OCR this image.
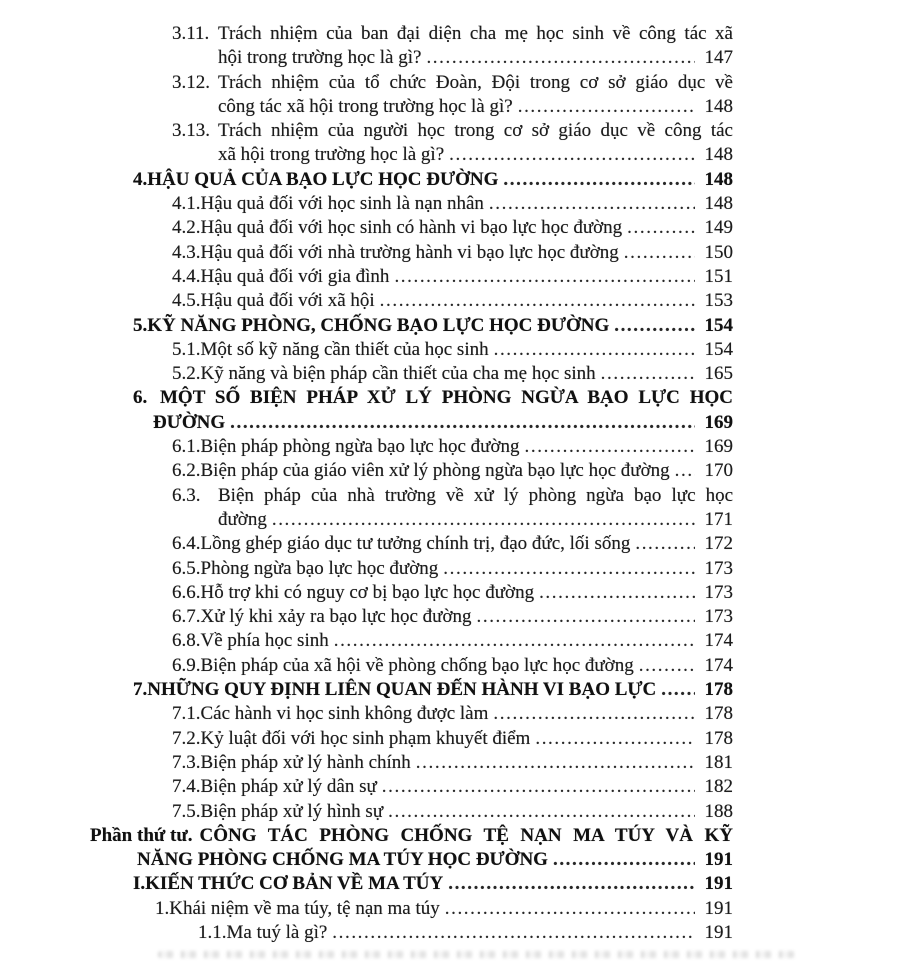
3.11. Trách nhiệm của ban đại diện cha mẹ học sinh về công tác xã
hội trong trường học là gì? .....	147
3.12. Trách nhiệm của tổ chức Đoàn, Đội trong cơ sở giáo dục về
công tác xã hội trong trường học là gì? .....	148
3.13. Trách nhiệm của người học trong cơ sở giáo dục về công tác
xã hội trong trường học là gì? .....	148
4. HẬU QUẢ CỦA BẠO LỰC HỌC ĐƯỜNG .....	148
4.1. Hậu quả đối với học sinh là nạn nhân .....	148
4.2. Hậu quả đối với học sinh có hành vi bạo lực học đường .....	149
4.3. Hậu quả đối với nhà trường hành vi bạo lực học đường .....	150
4.4. Hậu quả đối với gia đình .....	151
4.5. Hậu quả đối với xã hội .....	153
5. KỸ NĂNG PHÒNG, CHỐNG BẠO LỰC HỌC ĐƯỜNG .....	154
5.1. Một số kỹ năng cần thiết của học sinh .....	154
5.2. Kỹ năng và biện pháp cần thiết của cha mẹ học sinh .....	165
6. MỘT SỐ BIỆN PHÁP XỬ LÝ PHÒNG NGỪA BẠO LỰC HỌC
ĐƯỜNG .....	169
6.1. Biện pháp phòng ngừa bạo lực học đường .....	169
6.2. Biện pháp của giáo viên xử lý phòng ngừa bạo lực học đường ..... 170
6.3. Biện pháp của nhà trường về xử lý phòng ngừa bạo lực học
đường .....	171
6.4. Lồng ghép giáo dục tư tưởng chính trị, đạo đức, lối sống .....	172
6.5. Phòng ngừa bạo lực học đường .....	173
6.6. Hỗ trợ khi có nguy cơ bị bạo lực học đường .....	173
6.7. Xử lý khi xảy ra bạo lực học đường .....	173
6.8. Về phía học sinh .....	174
6.9. Biện pháp của xã hội về phòng chống bạo lực học đường .....	174
7. NHỮNG QUY ĐỊNH LIÊN QUAN ĐẾN HÀNH VI BẠO LỰC .....	178
7.1. Các hành vi học sinh không được làm .....	178
7.2. Kỷ luật đối với học sinh phạm khuyết điểm .....	178
7.3. Biện pháp xử lý hành chính .....	181
7.4. Biện pháp xử lý dân sự .....	182
7.5. Biện pháp xử lý hình sự .....	188
Phần thứ tư. CÔNG TÁC PHÒNG CHỐNG TỆ NẠN MA TÚY VÀ KỸ
NĂNG PHÒNG CHỐNG MA TÚY HỌC ĐƯỜNG .....	191
I. KIẾN THỨC CƠ BẢN VỀ MA TÚY .....	191
1. Khái niệm về ma túy, tệ nạn ma túy .....	191
1.1. Ma tuý là gì? .....	191
